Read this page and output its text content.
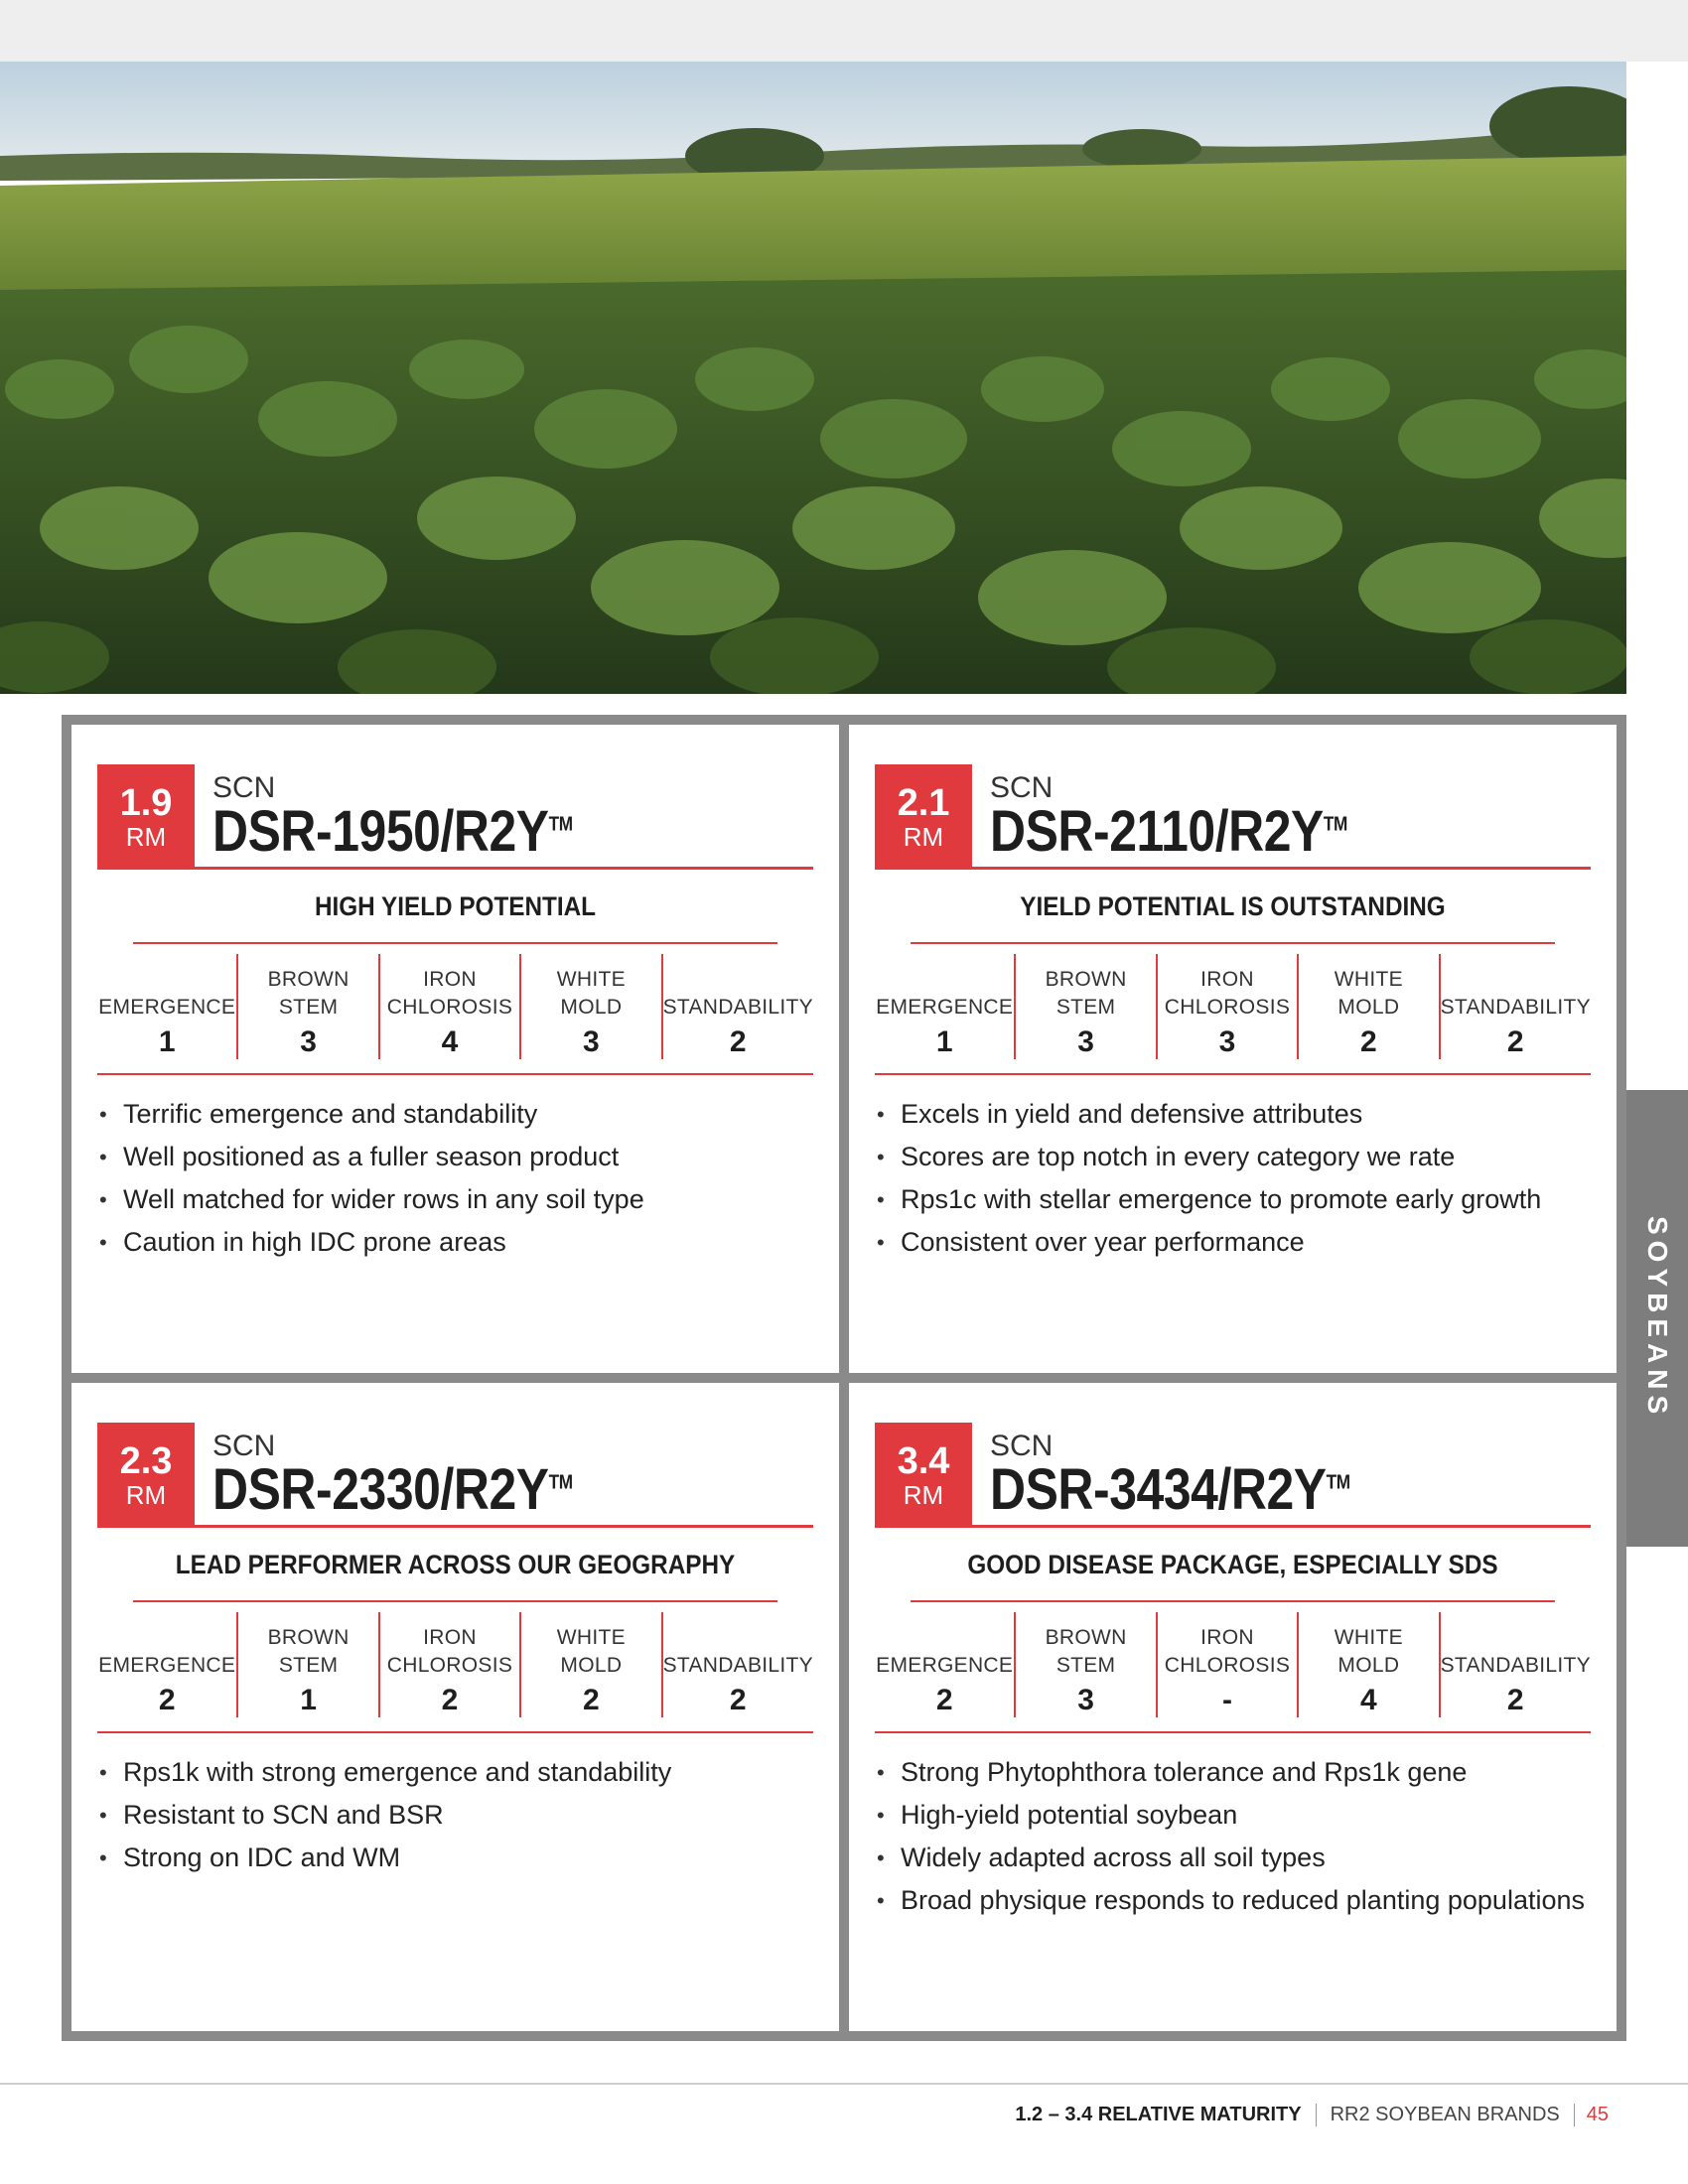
1.9
RM
SCN
DSR-1950/R2Y™
HIGH YIELD POTENTIAL
EMERGENCE
1
BROWN
STEM
3
IRON
CHLOROSIS
4
WHITE
MOLD
3
STANDABILITY
2
• Terrific emergence and standability
• Well positioned as a fuller season product
• Well matched for wider rows in any soil type
• Caution in high IDC prone areas
2.1
RM
SCN
DSR-2110/R2Y™
YIELD POTENTIAL IS OUTSTANDING
EMERGENCE
1
BROWN
STEM
3
IRON
CHLOROSIS
3
WHITE
MOLD
2
STANDABILITY
2
• Excels in yield and defensive attributes
• Scores are top notch in every category we rate
• Rps1c with stellar emergence to promote early growth
• Consistent over year performance
2.3
RM
SCN
DSR-2330/R2Y™
LEAD PERFORMER ACROSS OUR GEOGRAPHY
EMERGENCE
2
BROWN
STEM
1
IRON
CHLOROSIS
2
WHITE
MOLD
2
STANDABILITY
2
• Rps1k with strong emergence and standability
• Resistant to SCN and BSR
• Strong on IDC and WM
3.4
RM
SCN
DSR-3434/R2Y™
GOOD DISEASE PACKAGE, ESPECIALLY SDS
EMERGENCE
2
BROWN
STEM
3
IRON
CHLOROSIS
-
WHITE
MOLD
4
STANDABILITY
2
• Strong Phytophthora tolerance and Rps1k gene
• High-yield potential soybean
• Widely adapted across all soil types
• Broad physique responds to reduced planting populations
SOYBEANS
1.2 – 3.4 RELATIVE MATURITY	RR2 SOYBEAN BRANDS	45
